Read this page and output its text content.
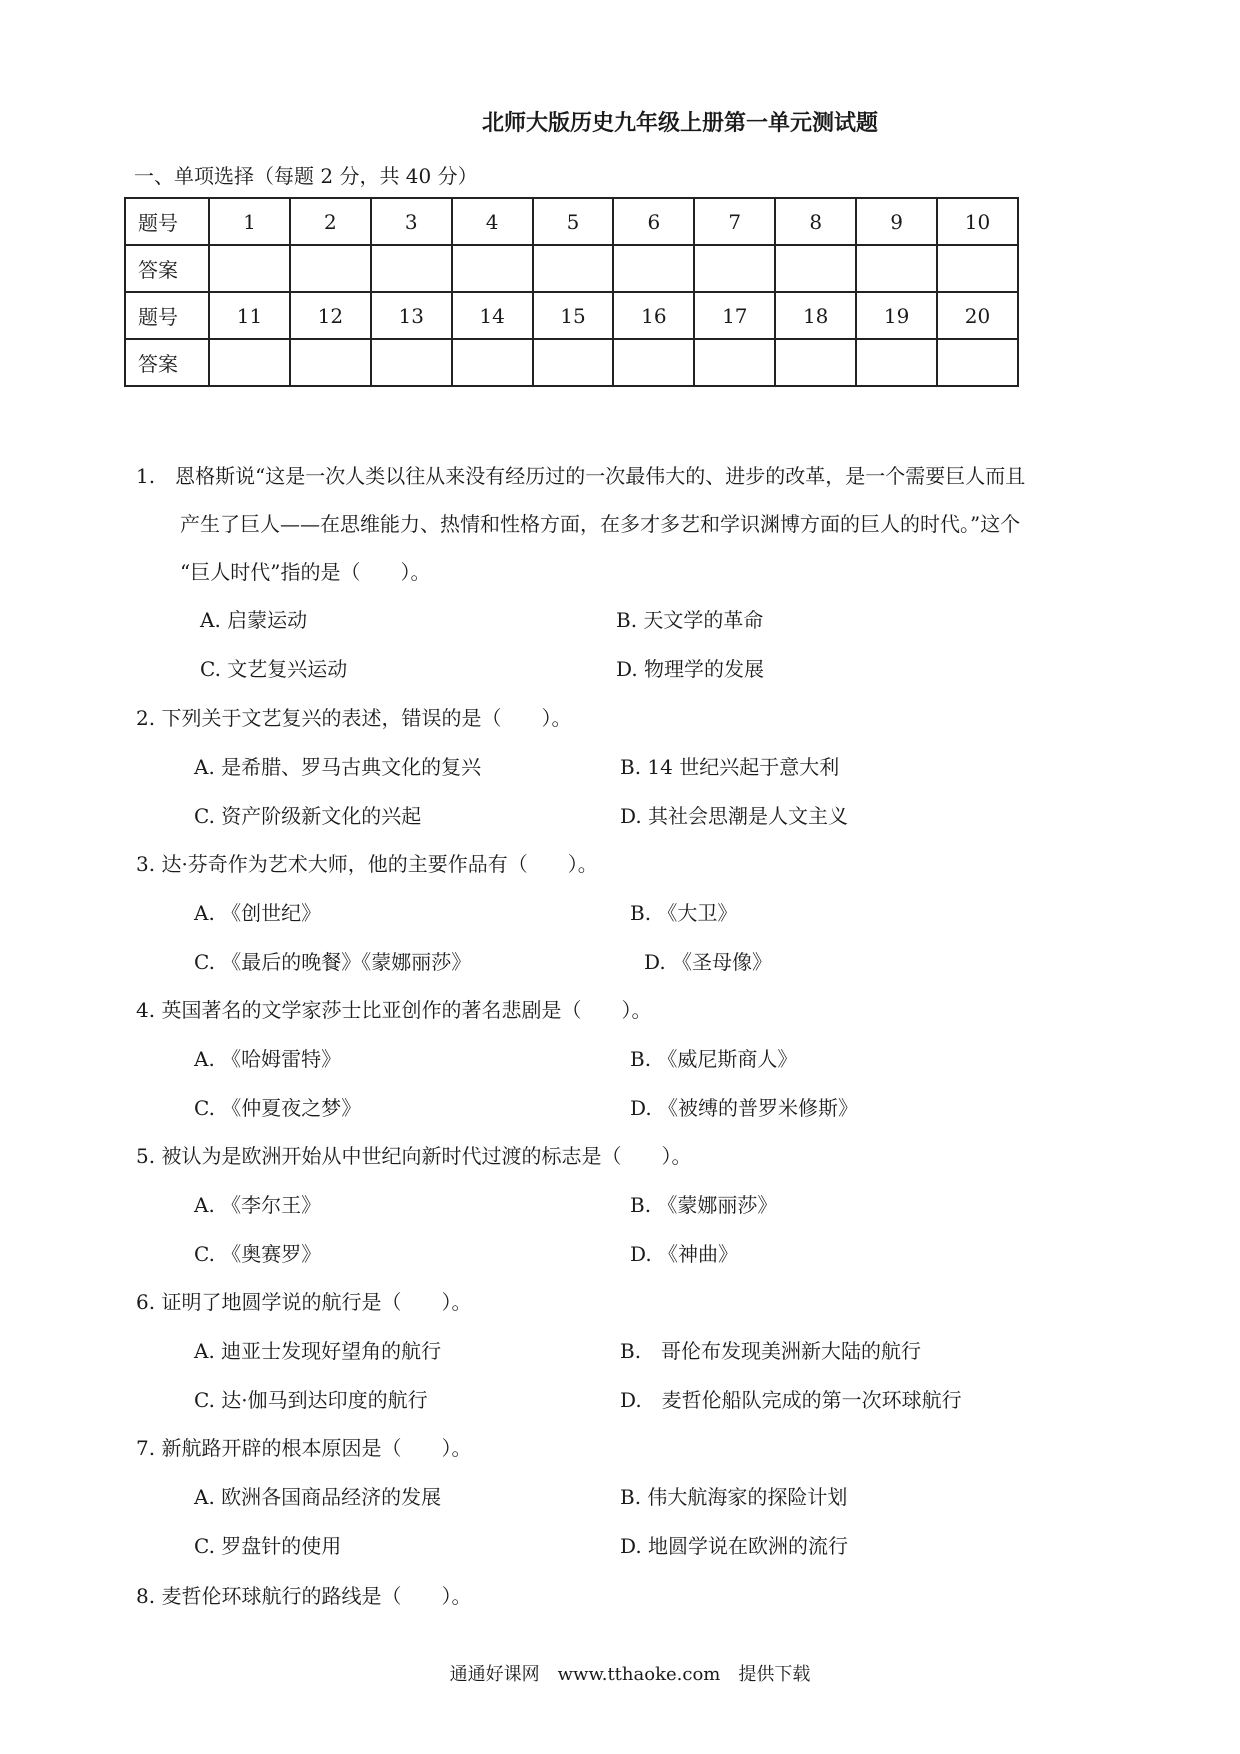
北师大版历史九年级上册第一单元测试题
一、单项选择（每题 2 分，共 40 分）
题号	1	2	3	4	5	6	7	8	9	10
答案										
题号	11	12	13	14	15	16	17	18	19	20
答案										
1.　恩格斯说“这是一次人类以往从来没有经历过的一次最伟大的、进步的改革，是一个需要巨人而且
产生了巨人——在思维能力、热情和性格方面，在多才多艺和学识渊博方面的巨人的时代。”这个
“巨人时代”指的是（　　）。
A. 启蒙运动	B. 天文学的革命
C. 文艺复兴运动	D. 物理学的发展
2. 下列关于文艺复兴的表述，错误的是（　　）。
A. 是希腊、罗马古典文化的复兴	B. 14 世纪兴起于意大利
C. 资产阶级新文化的兴起	D. 其社会思潮是人文主义
3. 达·芬奇作为艺术大师，他的主要作品有（　　）。
A. 《创世纪》	B. 《大卫》
C. 《最后的晚餐》《蒙娜丽莎》	D. 《圣母像》
4. 英国著名的文学家莎士比亚创作的著名悲剧是（　　）。
A. 《哈姆雷特》	B. 《威尼斯商人》
C. 《仲夏夜之梦》	D. 《被缚的普罗米修斯》
5. 被认为是欧洲开始从中世纪向新时代过渡的标志是（　　）。
A. 《李尔王》	B. 《蒙娜丽莎》
C. 《奥赛罗》	D. 《神曲》
6. 证明了地圆学说的航行是（　　）。
A. 迪亚士发现好望角的航行	B.　哥伦布发现美洲新大陆的航行
C. 达·伽马到达印度的航行	D.　麦哲伦船队完成的第一次环球航行
7. 新航路开辟的根本原因是（　　）。
A. 欧洲各国商品经济的发展	B. 伟大航海家的探险计划
C. 罗盘针的使用	D. 地圆学说在欧洲的流行
8. 麦哲伦环球航行的路线是（　　）。
通通好课网　www.tthaoke.com　提供下载
